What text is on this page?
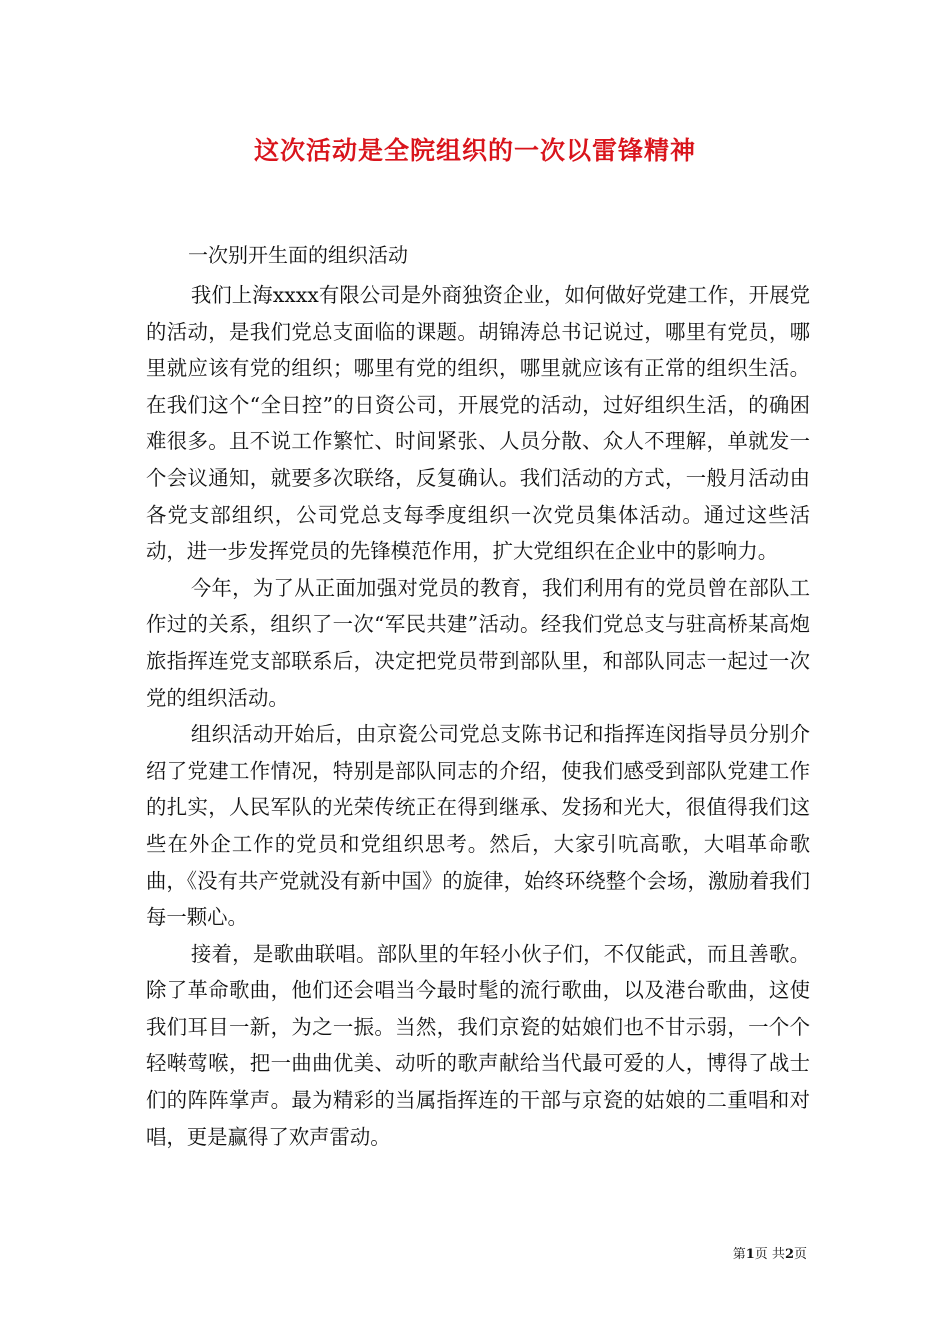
这次活动是全院组织的一次以雷锋精神
一次别开生面的组织活动

我们上海xxxx有限公司是外商独资企业，如何做好党建工作，开展党的活动，是我们党总支面临的课题。胡锦涛总书记说过，哪里有党员，哪里就应该有党的组织；哪里有党的组织，哪里就应该有正常的组织生活。在我们这个“全日控”的日资公司，开展党的活动，过好组织生活，的确困难很多。且不说工作繁忙、时间紧张、人员分散、众人不理解，单就发一个会议通知，就要多次联络，反复确认。我们活动的方式，一般月活动由各党支部组织，公司党总支每季度组织一次党员集体活动。通过这些活动，进一步发挥党员的先锋模范作用，扩大党组织在企业中的影响力。

今年，为了从正面加强对党员的教育，我们利用有的党员曾在部队工作过的关系，组织了一次“军民共建”活动。经我们党总支与驻高桥某高炮旅指挥连党支部联系后，决定把党员带到部队里，和部队同志一起过一次党的组织活动。

组织活动开始后，由京瓷公司党总支陈书记和指挥连闵指导员分别介绍了党建工作情况，特别是部队同志的介绍，使我们感受到部队党建工作的扎实，人民军队的光荣传统正在得到继承、发扬和光大，很值得我们这些在外企工作的党员和党组织思考。然后，大家引吭高歌，大唱革命歌曲，《没有共产党就没有新中国》的旋律，始终环绕整个会场，激励着我们每一颗心。

接着，是歌曲联唱。部队里的年轻小伙子们，不仅能武，而且善歌。除了革命歌曲，他们还会唱当今最时髦的流行歌曲，以及港台歌曲，这使我们耳目一新，为之一振。当然，我们京瓷的姑娘们也不甘示弱，一个个轻啭莺喉，把一曲曲优美、动听的歌声献给当代最可爱的人，博得了战士们的阵阵掌声。最为精彩的当属指挥连的干部与京瓷的姑娘的二重唱和对唱，更是赢得了欢声雷动。

第1页 共2页
